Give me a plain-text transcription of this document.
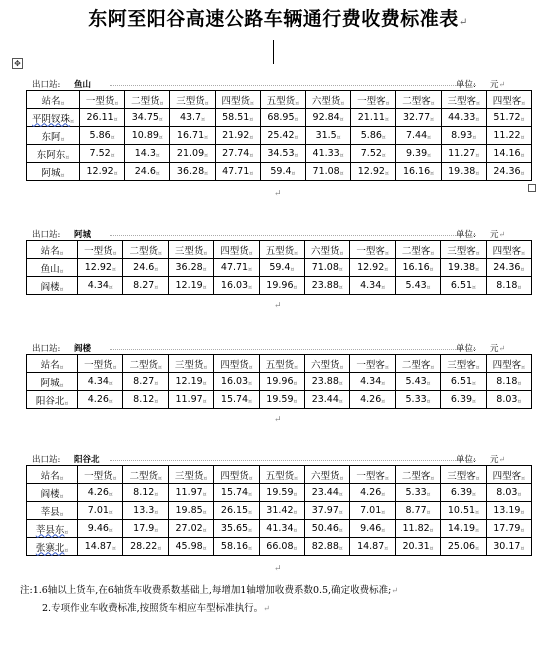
东阿至阳谷高速公路车辆通行费收费标准表↵
✥
出口站: 鱼山	单位: 元↵
站名¤	一型货¤	二型货¤	三型货¤	四型货¤	五型货¤	六型货¤	一型客¤	二型客¤	三型客¤	四型客¤
平阴钗珠¤	26.11¤	34.75¤	43.7¤	58.51¤	68.95¤	92.84¤	21.11¤	32.77¤	44.33¤	51.72¤
东阿¤	5.86¤	10.89¤	16.71¤	21.92¤	25.42¤	31.5¤	5.86¤	7.44¤	8.93¤	11.22¤
东阿东¤	7.52¤	14.3¤	21.09¤	27.74¤	34.53¤	41.33¤	7.52¤	9.39¤	11.27¤	14.16¤
阿城¤	12.92¤	24.6¤	36.28¤	47.71¤	59.4¤	71.08¤	12.92¤	16.16¤	19.38¤	24.36¤
↵
出口站: 阿城	单位: 元↵
站名¤	一型货¤	二型货¤	三型货¤	四型货¤	五型货¤	六型货¤	一型客¤	二型客¤	三型客¤	四型客¤
鱼山¤	12.92¤	24.6¤	36.28¤	47.71¤	59.4¤	71.08¤	12.92¤	16.16¤	19.38¤	24.36¤
阎楼¤	4.34¤	8.27¤	12.19¤	16.03¤	19.96¤	23.88¤	4.34¤	5.43¤	6.51¤	8.18¤
↵
出口站: 阎楼	单位: 元↵
站名¤	一型货¤	二型货¤	三型货¤	四型货¤	五型货¤	六型货¤	一型客¤	二型客¤	三型客¤	四型客¤
阿城¤	4.34¤	8.27¤	12.19¤	16.03¤	19.96¤	23.88¤	4.34¤	5.43¤	6.51¤	8.18¤
阳谷北¤	4.26¤	8.12¤	11.97¤	15.74¤	19.59¤	23.44¤	4.26¤	5.33¤	6.39¤	8.03¤
↵
出口站: 阳谷北	单位: 元↵
站名¤	一型货¤	二型货¤	三型货¤	四型货¤	五型货¤	六型货¤	一型客¤	二型客¤	三型客¤	四型客¤
阎楼¤	4.26¤	8.12¤	11.97¤	15.74¤	19.59¤	23.44¤	4.26¤	5.33¤	6.39¤	8.03¤
莘县¤	7.01¤	13.3¤	19.85¤	26.15¤	31.42¤	37.97¤	7.01¤	8.77¤	10.51¤	13.19¤
莘县东¤	9.46¤	17.9¤	27.02¤	35.65¤	41.34¤	50.46¤	9.46¤	11.82¤	14.19¤	17.79¤
张寨北¤	14.87¤	28.22¤	45.98¤	58.16¤	66.08¤	82.88¤	14.87¤	20.31¤	25.06¤	30.17¤
↵
注:1.6轴以上货车,在6轴货车收费系数基础上,每增加1轴增加收费系数0.5,确定收费标准;↵
2.专项作业车收费标准,按照货车相应车型标准执行。↵
